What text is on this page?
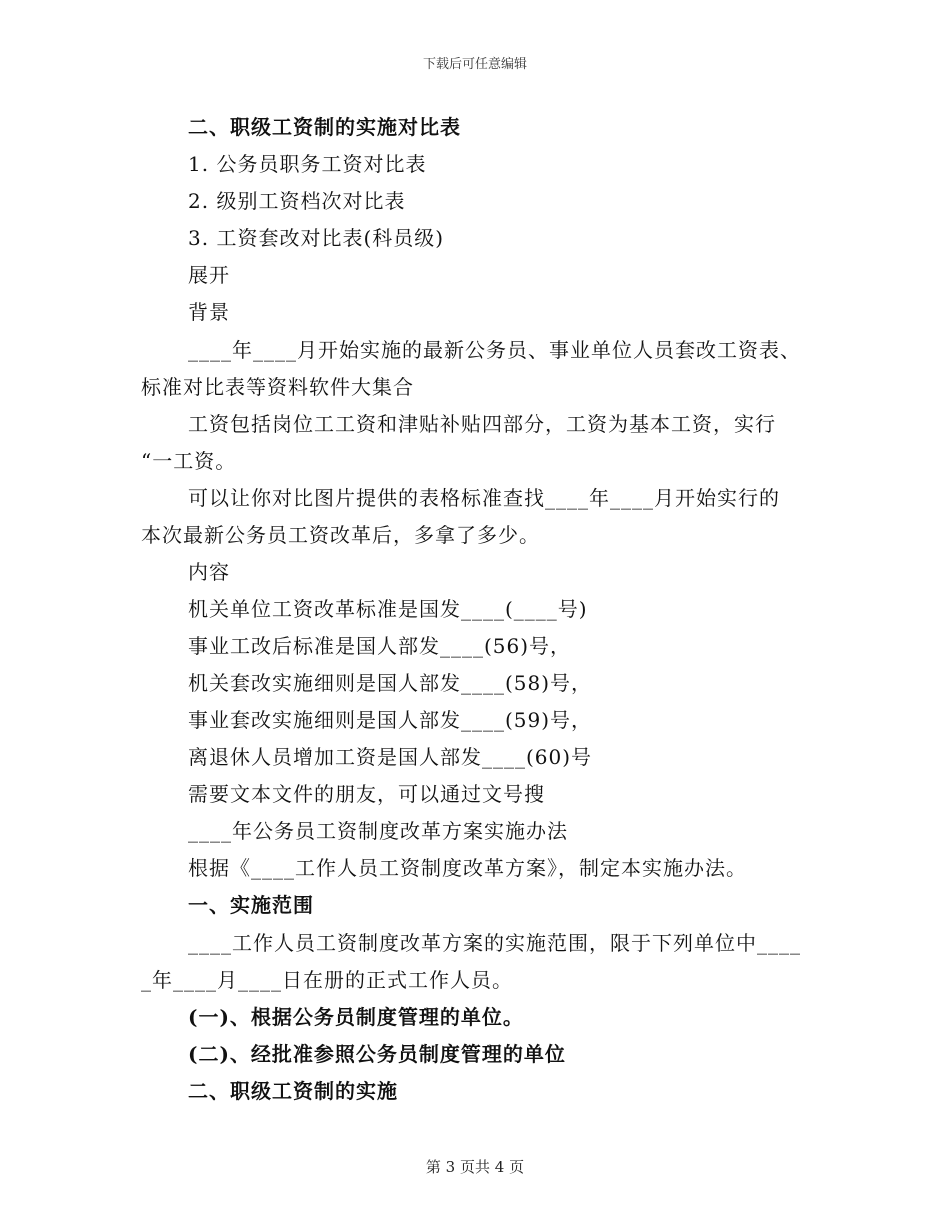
下载后可任意编辑
二、职级工资制的实施对比表
1. 公务员职务工资对比表
2. 级别工资档次对比表
3. 工资套改对比表(科员级)
展开
背景
____年____月开始实施的最新公务员、事业单位人员套改工资表、
标准对比表等资料软件大集合
工资包括岗位工工资和津贴补贴四部分，工资为基本工资，实行
“一工资。
可以让你对比图片提供的表格标准查找____年____月开始实行的
本次最新公务员工资改革后，多拿了多少。
内容
机关单位工资改革标准是国发____(____号)
事业工改后标准是国人部发____(56)号，
机关套改实施细则是国人部发____(58)号，
事业套改实施细则是国人部发____(59)号，
离退休人员增加工资是国人部发____(60)号
需要文本文件的朋友，可以通过文号搜
____年公务员工资制度改革方案实施办法
根据《____工作人员工资制度改革方案》，制定本实施办法。
一、实施范围
____工作人员工资制度改革方案的实施范围，限于下列单位中____
_年____月____日在册的正式工作人员。
(一)、根据公务员制度管理的单位。
(二)、经批准参照公务员制度管理的单位
二、职级工资制的实施
第 3 页共 4 页
